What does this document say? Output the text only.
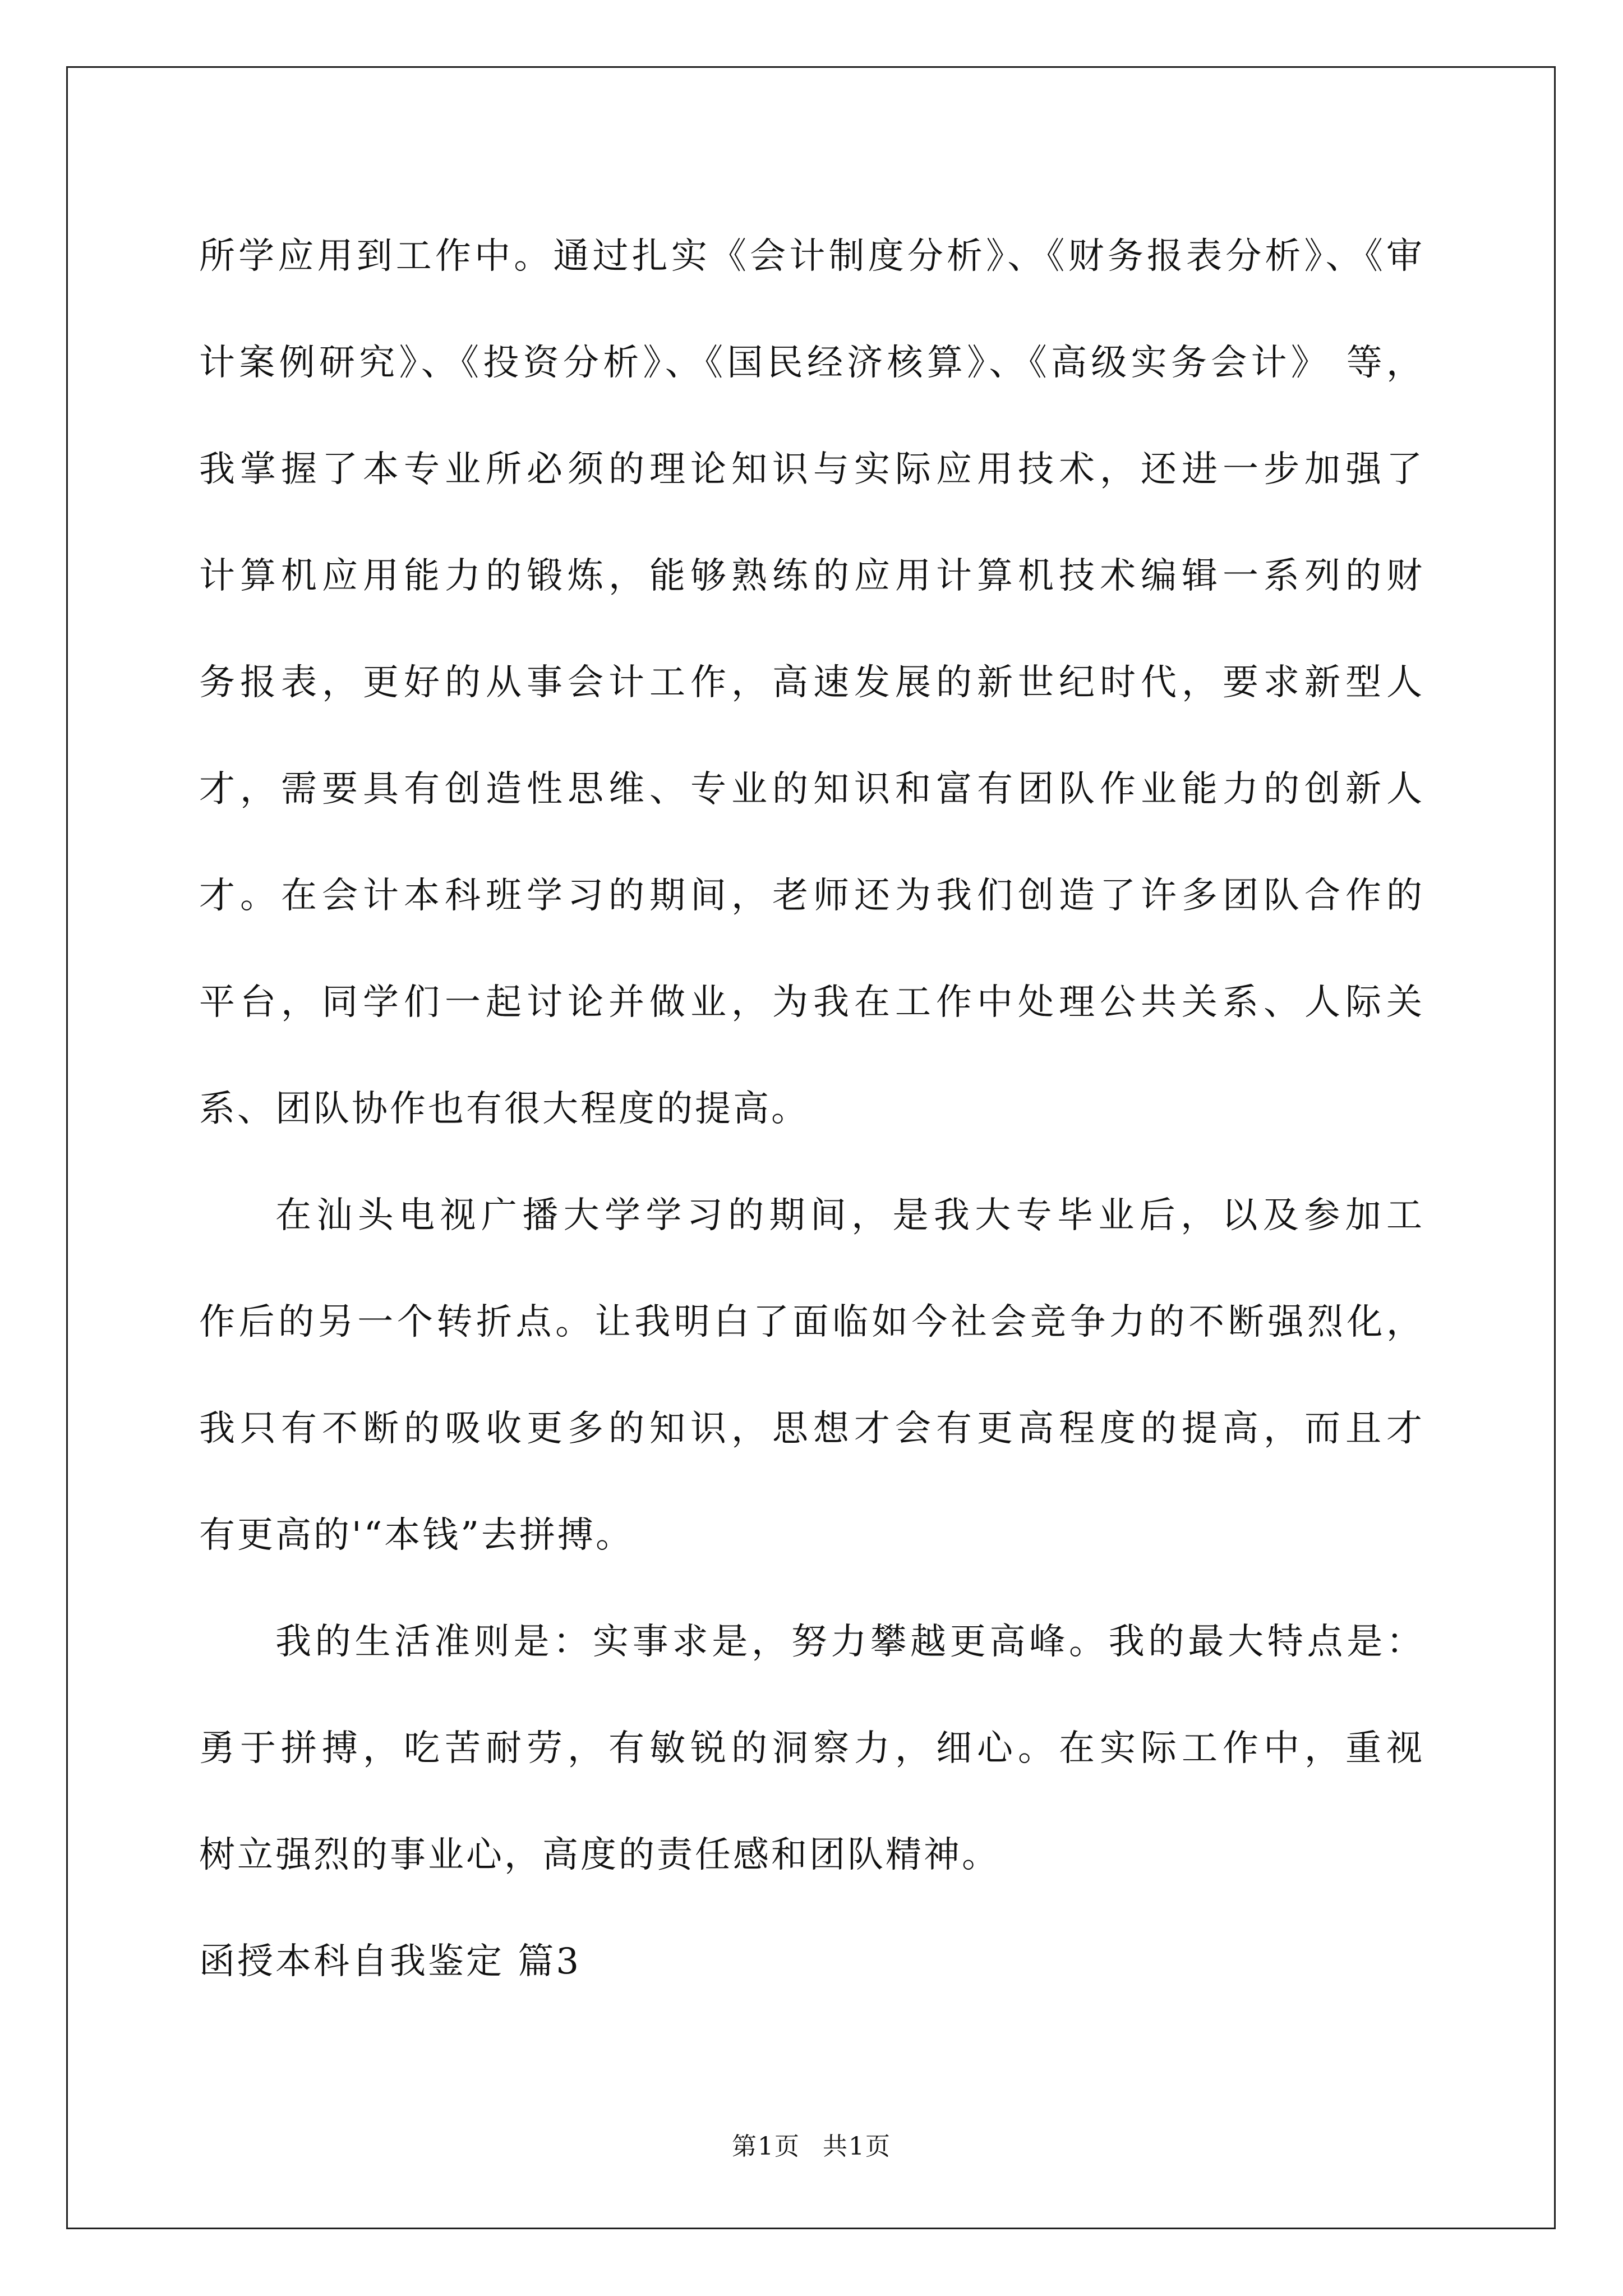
所学应用到工作中。通过扎实《会计制度分析》、《财务报表分析》、《审
计案例研究》、《投资分析》、《国民经济核算》、《高级实务会计》 等，
我掌握了本专业所必须的理论知识与实际应用技术，还进一步加强了
计算机应用能力的锻炼，能够熟练的应用计算机技术编辑一系列的财
务报表，更好的从事会计工作，高速发展的新世纪时代，要求新型人
才，需要具有创造性思维、专业的知识和富有团队作业能力的创新人
才。在会计本科班学习的期间，老师还为我们创造了许多团队合作的
平台，同学们一起讨论并做业，为我在工作中处理公共关系、人际关
系、团队协作也有很大程度的提高。
在汕头电视广播大学学习的期间，是我大专毕业后，以及参加工
作后的另一个转折点。让我明白了面临如今社会竞争力的不断强烈化，
我只有不断的吸收更多的知识，思想才会有更高程度的提高，而且才
有更高的'“本钱”去拼搏。
我的生活准则是：实事求是，努力攀越更高峰。我的最大特点是：
勇于拼搏，吃苦耐劳，有敏锐的洞察力，细心。在实际工作中，重视
树立强烈的事业心，高度的责任感和团队精神。
函授本科自我鉴定 篇3
第1页 共1页
